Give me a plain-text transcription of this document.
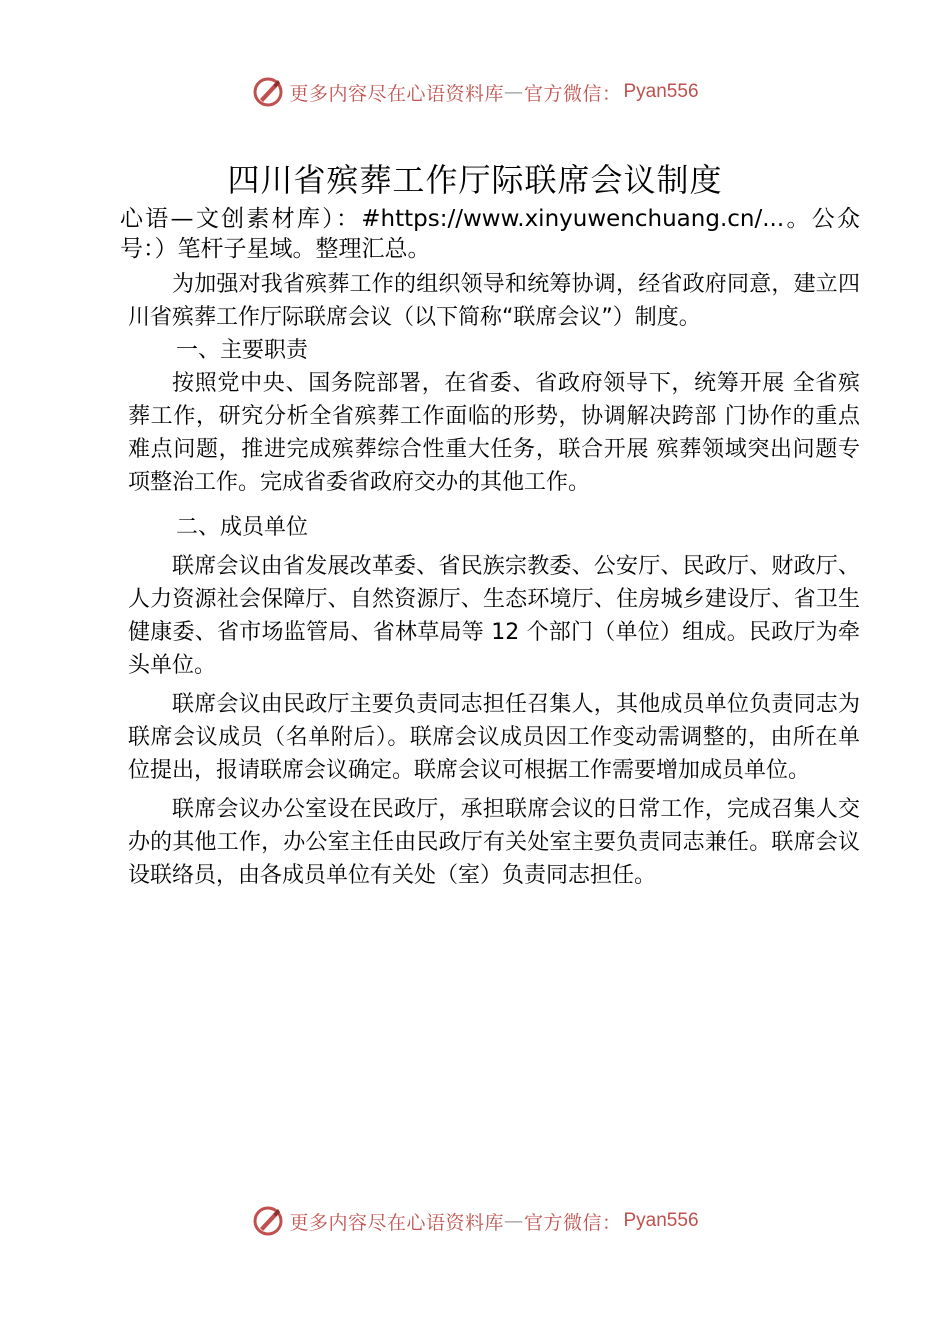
更多内容尽在心语资料库 — 官方微信： Pyan556
四川省殡葬工作厅际联席会议制度

心语—文创素材库）：#https://www.xinyuwenchuang.cn/...。公众号：）笔杆子星域。整理汇总。

为加强对我省殡葬工作的组织领导和统筹协调，经省政府同意，建立四川省殡葬工作厅际联席会议（以下简称“联席会议”）制度。

一、主要职责

按照党中央、国务院部署，在省委、省政府领导下，统筹开展 全省殡葬工作，研究分析全省殡葬工作面临的形势，协调解决跨部 门协作的重点难点问题，推进完成殡葬综合性重大任务，联合开展 殡葬领域突出问题专项整治工作。完成省委省政府交办的其他工作。

二、成员单位

联席会议由省发展改革委、省民族宗教委、公安厅、民政厅、财政厅、人力资源社会保障厅、自然资源厅、生态环境厅、住房城乡建设厅、省卫生健康委、省市场监管局、省林草局等 12 个部门（单位）组成。民政厅为牵头单位。

联席会议由民政厅主要负责同志担任召集人，其他成员单位负责同志为联席会议成员（名单附后）。联席会议成员因工作变动需调整的，由所在单位提出，报请联席会议确定。联席会议可根据工作需要增加成员单位。

联席会议办公室设在民政厅，承担联席会议的日常工作，完成召集人交办的其他工作，办公室主任由民政厅有关处室主要负责同志兼任。联席会议设联络员，由各成员单位有关处（室）负责同志担任。

更多内容尽在心语资料库 — 官方微信： Pyan556
